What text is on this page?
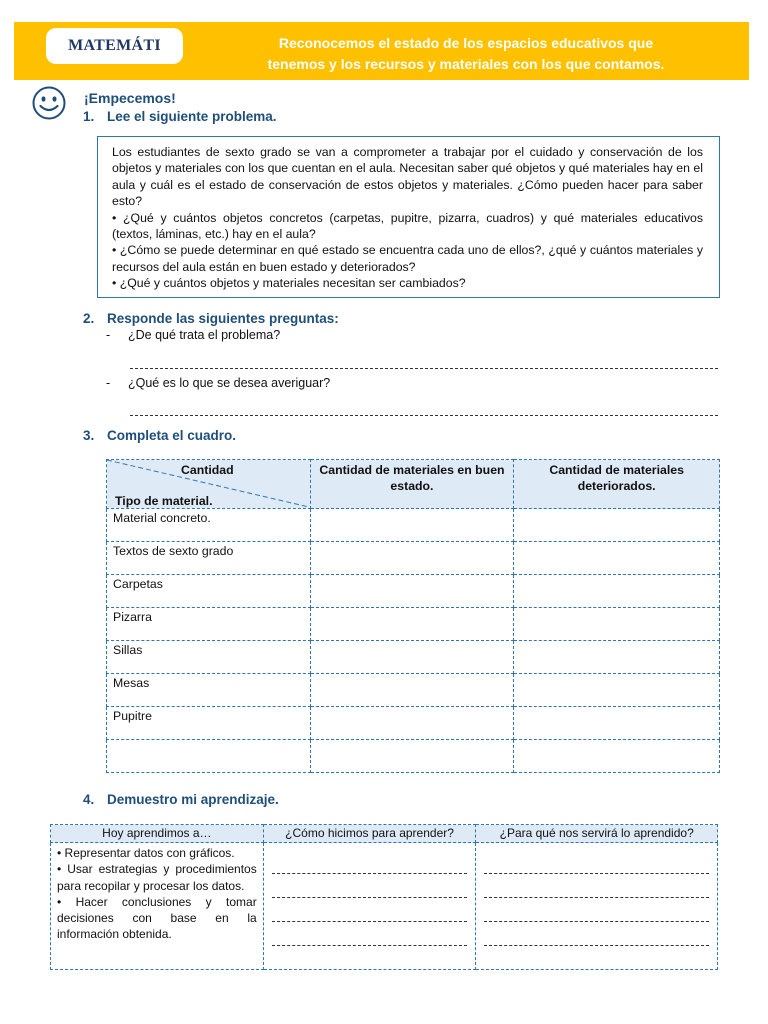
MATEMÁTI	Reconocemos el estado de los espacios educativos que
tenemos y los recursos y materiales con los que contamos.
¡Empecemos!
1. Lee el siguiente problema.

Los estudiantes de sexto grado se van a comprometer a trabajar por el cuidado y conservación de los objetos y materiales con los que cuentan en el aula. Necesitan saber qué objetos y qué materiales hay en el aula y cuál es el estado de conservación de estos objetos y materiales. ¿Cómo pueden hacer para saber esto?

• ¿Qué y cuántos objetos concretos (carpetas, pupitre, pizarra, cuadros) y qué materiales educativos (textos, láminas, etc.) hay en el aula?

• ¿Cómo se puede determinar en qué estado se encuentra cada uno de ellos?, ¿qué y cuántos materiales y recursos del aula están en buen estado y deteriorados?

• ¿Qué y cuántos objetos y materiales necesitan ser cambiados?

2. Responde las siguientes preguntas:
- ¿De qué trata el problema?
- ¿Qué es lo que se desea averiguar?
3. Completa el cuadro.
Cantidad
Tipo de material.	Cantidad de materiales en buen estado.	Cantidad de materiales deteriorados.
Material concreto.		
Textos de sexto grado		
Carpetas		
Pizarra		
Sillas		
Mesas		
Pupitre		

4. Demuestro mi aprendizaje.
Hoy aprendimos a…	¿Cómo hicimos para aprender?	¿Para qué nos servirá lo aprendido?

• Representar datos con gráficos.
• Usar estrategias y procedimientos para recopilar y procesar los datos.
• Hacer conclusiones y tomar decisiones con base en la información obtenida.		
